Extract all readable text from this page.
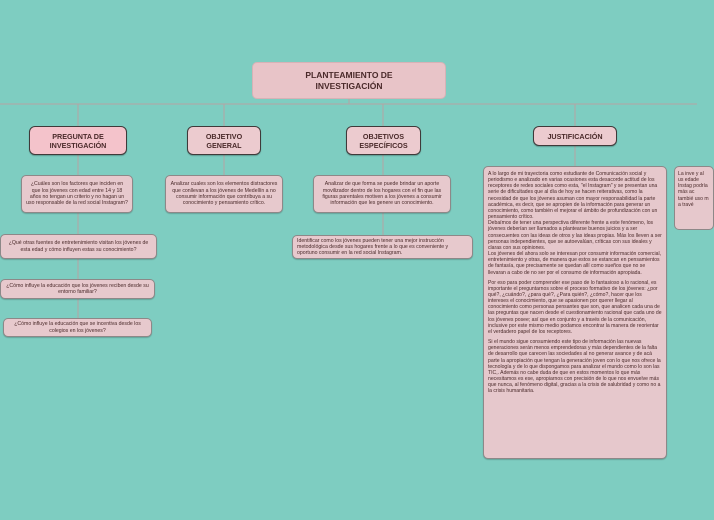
PLANTEAMIENTO DE INVESTIGACIÓN
PREGUNTA DE INVESTIGACIÓN
OBJETIVO GENERAL
OBJETIVOS ESPECÍFICOS
JUSTIFICACIÓN
¿Cuáles son los factores que inciden en que los jóvenes con edad entre 14 y 18 años no tengan un criterio y no hagan un uso responsable de la red social Instagram?
¿Qué otras fuentes de entretenimiento visitan los jóvenes de esta edad y cómo influyen estas su conocimiento?
¿Cómo influye la educación que los jóvenes reciben desde su entorno familiar?
¿Cómo influye la educación que se incentiva desde los colegios en los jóvenes?
Analizar cuales son los elementos distractores que conllevan a los jóvenes de Medellín a no consumir información que contribuya a su conocimiento y pensamiento crítico.
Analizar de que forma se puede brindar un aporte movilizador dentro de los hogares con el fin que las figuras parentales motiven a los jóvenes a consumir información que les genere un conocimiento.
Identificar como los jóvenes pueden tener una mejor instrucción metodológica desde sus hogares frente a lo que es conveniente y oportuno consumir en la red social Instagram.

A lo largo de mi trayectoria como estudiante de Comunicación social y periodismo e analizado en varias ocasiones esta desacorde actitud de los receptores de redes sociales como esta, "el Instagram" y se presentan una serie de dificultades que al día de hoy se hacen reiterativas, como la necesidad de que los jóvenes asuman con mayor responsabilidad la parte académica, es decir, que se apropien de la información para generar un conocimiento, como también el mejorar el ámbito de profundización con un pensamiento crítico.
Debaímos de tener una perspectiva diferente frente a este fenómeno, los jóvenes deberían ser llamados a plantearse buenos juicios y a ser consecuentes con las ideas de otros y las ideas propias. Más los lleven a ser personas independientes, que se autoevalúan, críticas con sus ideales y claras con sus opiniones.
Los jóvenes del ahora solo se interesan por consumir información comercial, entretenimiento y otras, de manera que estos se estancan en pensamientos de fantasía, que precisamente se quedan allí como sueños que no se llevaran a cabo de no ser por el consumo de información apropiada.

Por eso para poder comprender ese paso de lo fantasioso a lo racional, es importante el preguntarnos sobre el proceso formativo de los jóvenes: ¿por qué?, ¿cuándo?, ¿para qué?, ¿Para quién?, ¿cómo?, hacer que los intereses el conocimiento, que se apasionen por querer llegar al conocimiento como personas pensantes que son, que analicen cada una de las preguntas que nacen desde el cuestionamiento racional que cada uno de los jóvenes posee; así que en conjunto y a través de la comunicación, inclusive por este mismo medio podamos encontrar la manera de reorientar el verdadero papel de los receptores.

Si el mundo sigue consumiendo este tipo de información las nuevas generaciones serán menos emprendedoras y más dependientes de la falta de desarrollo que carecen las sociedades al no generar avance y de acá parte la apropiación que tengan la generación joven con lo que nos ofrece la tecnología y de lo que dispongamos para analizar el mundo como lo son las TIC,. Además no cabe duda de que en estos momentos lo que más necesitamos es ese, apropiarnos con precisión de lo que nos envuelve más que nunca, al fenómeno digital, gracias a la crisis de salubridad y como no a la crisis humanitaria.

La inve y al us edade Instag podría más ac tambié uso m a travé
